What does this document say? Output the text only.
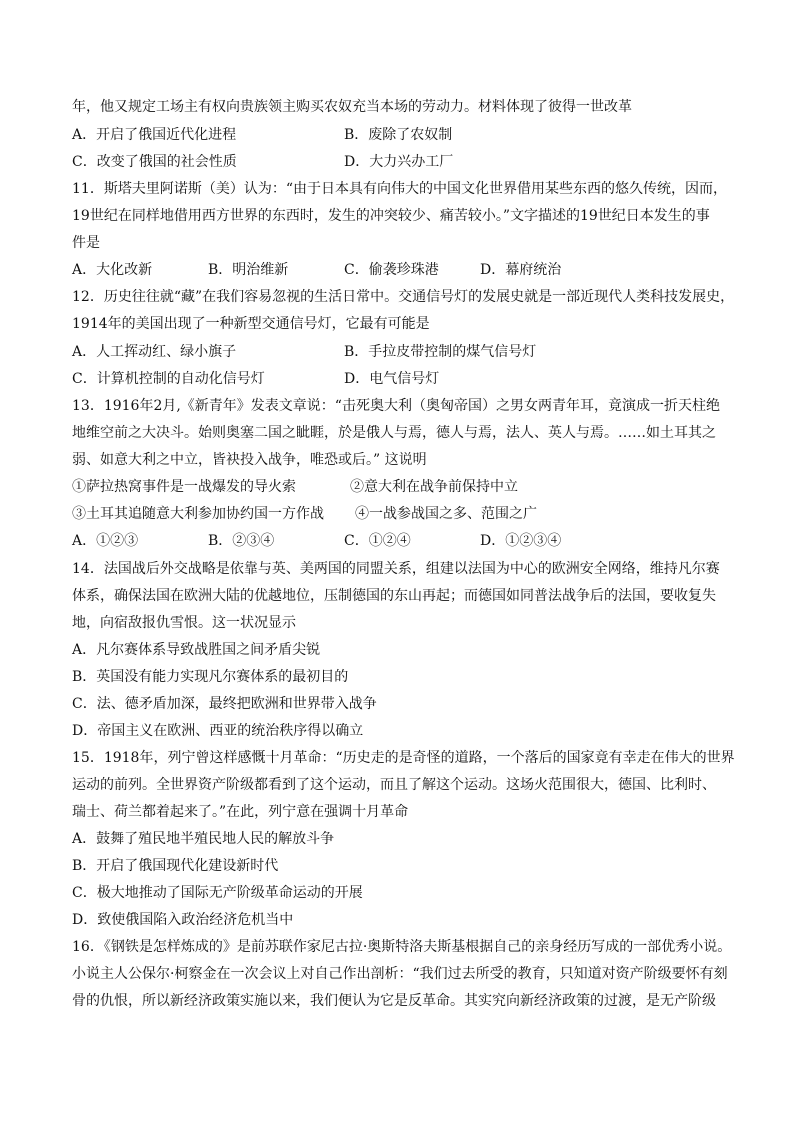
年，他又规定工场主有权向贵族领主购买农奴充当本场的劳动力。材料体现了彼得一世改革
A．开启了俄国近代化进程	B．废除了农奴制
C．改变了俄国的社会性质	D．大力兴办工厂
11．斯塔夫里阿诺斯（美）认为：“由于日本具有向伟大的中国文化世界借用某些东西的悠久传统，因而，
19世纪在同样地借用西方世界的东西时，发生的冲突较少、痛苦较小。”文字描述的19世纪日本发生的事
件是
A．大化改新	B．明治维新	C．偷袭珍珠港	D．幕府统治
12．历史往往就“藏”在我们容易忽视的生活日常中。交通信号灯的发展史就是一部近现代人类科技发展史，
1914年的美国出现了一种新型交通信号灯，它最有可能是
A．人工挥动红、绿小旗子	B．手拉皮带控制的煤气信号灯
C．计算机控制的自动化信号灯	D．电气信号灯
13．1916年2月,《新青年》发表文章说：“击死奥大利（奥匈帝国）之男女两青年耳，竟演成一折天柱绝
地维空前之大决斗。始则奥塞二国之眦睚，於是俄人与焉，德人与焉，法人、英人与焉。……如土耳其之
弱、如意大利之中立，皆袂投入战争，唯恐或后。” 这说明
①萨拉热窝事件是一战爆发的导火索	②意大利在战争前保持中立
③土耳其追随意大利参加协约国一方作战 ④一战参战国之多、范围之广
A．①②③	B．②③④	C．①②④	D．①②③④
14．法国战后外交战略是依靠与英、美两国的同盟关系，组建以法国为中心的欧洲安全网络，维持凡尔赛
体系，确保法国在欧洲大陆的优越地位，压制德国的东山再起；而德国如同普法战争后的法国，要收复失
地，向宿敌报仇雪恨。这一状况显示
A．凡尔赛体系导致战胜国之间矛盾尖锐
B．英国没有能力实现凡尔赛体系的最初目的
C．法、德矛盾加深，最终把欧洲和世界带入战争
D．帝国主义在欧洲、西亚的统治秩序得以确立
15．1918年，列宁曾这样感慨十月革命：“历史走的是奇怪的道路，一个落后的国家竟有幸走在伟大的世界
运动的前列。全世界资产阶级都看到了这个运动，而且了解这个运动。这场火范围很大，德国、比利时、
瑞士、荷兰都着起来了。”在此，列宁意在强调十月革命
A．鼓舞了殖民地半殖民地人民的解放斗争
B．开启了俄国现代化建设新时代
C．极大地推动了国际无产阶级革命运动的开展
D．致使俄国陷入政治经济危机当中
16．《钢铁是怎样炼成的》是前苏联作家尼古拉·奥斯特洛夫斯基根据自己的亲身经历写成的一部优秀小说。
小说主人公保尔·柯察金在一次会议上对自己作出剖析：“我们过去所受的教育，只知道对资产阶级要怀有刻
骨的仇恨，所以新经济政策实施以来，我们便认为它是反革命。其实究向新经济政策的过渡，是无产阶级
